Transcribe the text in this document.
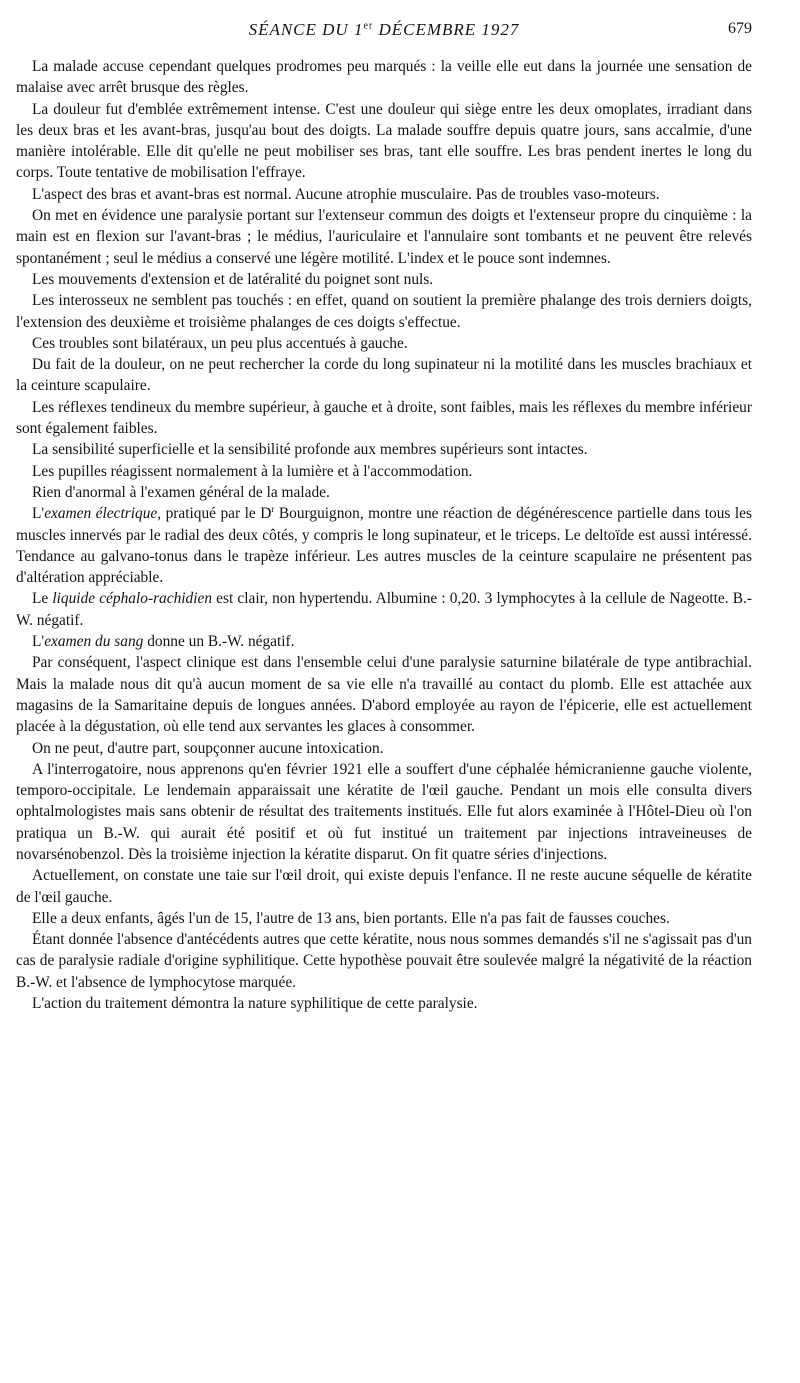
SÉANCE DU 1er DÉCEMBRE 1927	679

La malade accuse cependant quelques prodromes peu marqués : la veille elle eut dans la journée une sensation de malaise avec arrêt brusque des règles.

La douleur fut d'emblée extrêmement intense. C'est une douleur qui siège entre les deux omoplates, irradiant dans les deux bras et les avant-bras, jusqu'au bout des doigts. La malade souffre depuis quatre jours, sans accalmie, d'une manière intolérable. Elle dit qu'elle ne peut mobiliser ses bras, tant elle souffre. Les bras pendent inertes le long du corps. Toute tentative de mobilisation l'effraye.

L'aspect des bras et avant-bras est normal. Aucune atrophie musculaire. Pas de troubles vaso-moteurs.

On met en évidence une paralysie portant sur l'extenseur commun des doigts et l'extenseur propre du cinquième : la main est en flexion sur l'avant-bras ; le médius, l'auriculaire et l'annulaire sont tombants et ne peuvent être relevés spontanément ; seul le médius a conservé une légère motilité. L'index et le pouce sont indemnes.

Les mouvements d'extension et de latéralité du poignet sont nuls.

Les interosseux ne semblent pas touchés : en effet, quand on soutient la première phalange des trois derniers doigts, l'extension des deuxième et troisième phalanges de ces doigts s'effectue.

Ces troubles sont bilatéraux, un peu plus accentués à gauche.

Du fait de la douleur, on ne peut rechercher la corde du long supinateur ni la motilité dans les muscles brachiaux et la ceinture scapulaire.

Les réflexes tendineux du membre supérieur, à gauche et à droite, sont faibles, mais les réflexes du membre inférieur sont également faibles.

La sensibilité superficielle et la sensibilité profonde aux membres supérieurs sont intactes.

Les pupilles réagissent normalement à la lumière et à l'accommodation.

Rien d'anormal à l'examen général de la malade.

L'examen électrique, pratiqué par le $D^r$ Bourguignon, montre une réaction de dégénérescence partielle dans tous les muscles innervés par le radial des deux côtés, y compris le long supinateur, et le triceps. Le deltoïde est aussi intéressé. Tendance au galvano-tonus dans le trapèze inférieur. Les autres muscles de la ceinture scapulaire ne présentent pas d'altération appréciable.

Le liquide céphalo-rachidien est clair, non hypertendu. Albumine : 0,20. 3 lymphocytes à la cellule de Nageotte. B.-W. négatif.

L'examen du sang donne un B.-W. négatif.

Par conséquent, l'aspect clinique est dans l'ensemble celui d'une paralysie saturnine bilatérale de type antibrachial. Mais la malade nous dit qu'à aucun moment de sa vie elle n'a travaillé au contact du plomb. Elle est attachée aux magasins de la Samaritaine depuis de longues années. D'abord employée au rayon de l'épicerie, elle est actuellement placée à la dégustation, où elle tend aux servantes les glaces à consommer.

On ne peut, d'autre part, soupçonner aucune intoxication.

A l'interrogatoire, nous apprenons qu'en février 1921 elle a souffert d'une céphalée hémicranienne gauche violente, temporo-occipitale. Le lendemain apparaissait une kératite de l'œil gauche. Pendant un mois elle consulta divers ophtalmologistes mais sans obtenir de résultat des traitements institués. Elle fut alors examinée à l'Hôtel-Dieu où l'on pratiqua un B.-W. qui aurait été positif et où fut institué un traitement par injections intraveineuses de novarsénobenzol. Dès la troisième injection la kératite disparut. On fit quatre séries d'injections.

Actuellement, on constate une taie sur l'œil droit, qui existe depuis l'enfance. Il ne reste aucune séquelle de kératite de l'œil gauche.

Elle a deux enfants, âgés l'un de 15, l'autre de 13 ans, bien portants. Elle n'a pas fait de fausses couches.

Étant donnée l'absence d'antécédents autres que cette kératite, nous nous sommes demandés s'il ne s'agissait pas d'un cas de paralysie radiale d'origine syphilitique. Cette hypothèse pouvait être soulevée malgré la négativité de la réaction B.-W. et l'absence de lymphocytose marquée.

L'action du traitement démontra la nature syphilitique de cette paralysie.
